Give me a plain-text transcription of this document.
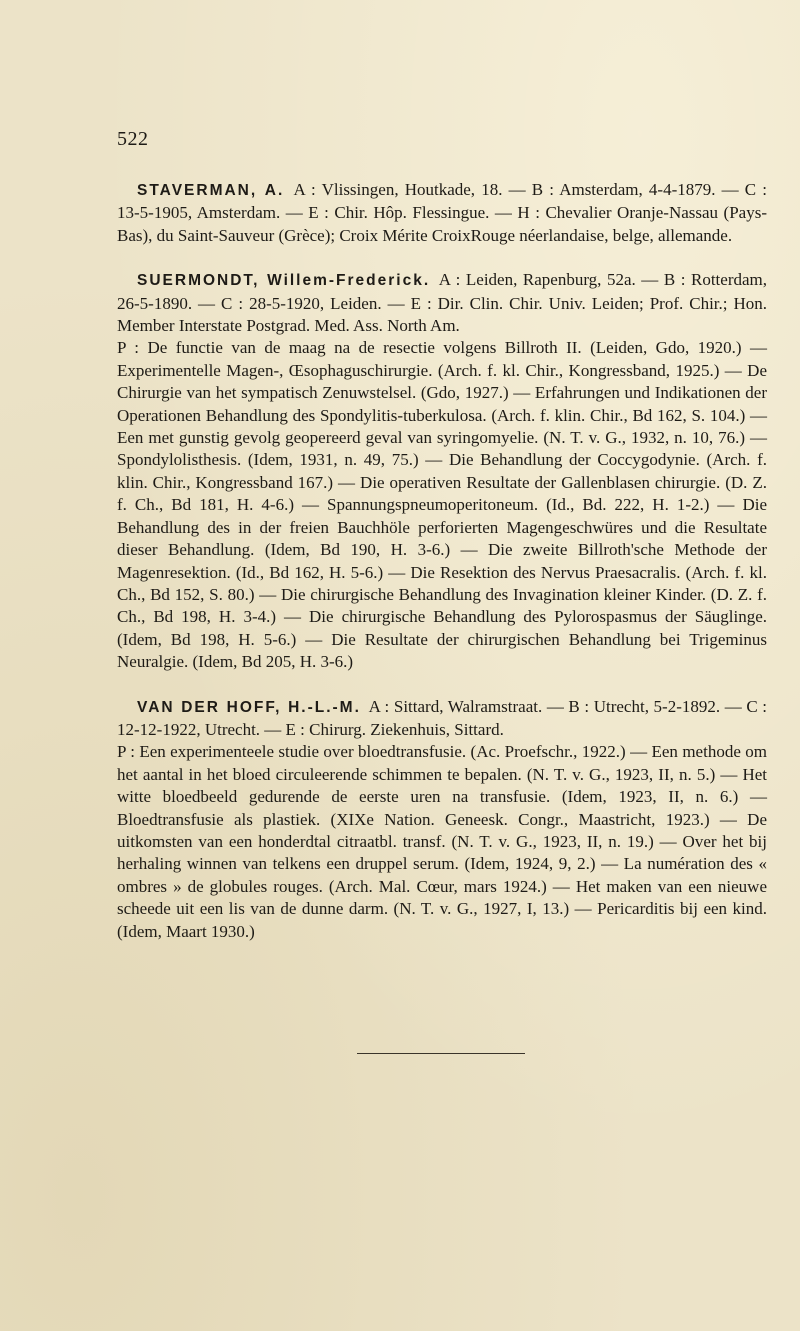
522
STAVERMAN, A. A : Vlissingen, Houtkade, 18. — B : Amsterdam, 4-4-1879. — C : 13-5-1905, Amsterdam. — E : Chir. Hôp. Flessingue. — H : Chevalier Oranje-Nassau (Pays-Bas), du Saint-Sauveur (Grèce); Croix Mérite CroixRouge néerlandaise, belge, allemande.
SUERMONDT, Willem-Frederick. A : Leiden, Rapenburg, 52a. — B : Rotterdam, 26-5-1890. — C : 28-5-1920, Leiden. — E : Dir. Clin. Chir. Univ. Leiden; Prof. Chir.; Hon. Member Interstate Postgrad. Med. Ass. North Am.
P : De functie van de maag na de resectie volgens Billroth II. (Leiden, Gdo, 1920.) — Experimentelle Magen-, Œsophaguschirurgie. (Arch. f. kl. Chir., Kongressband, 1925.) — De Chirurgie van het sympatisch Zenuwstelsel. (Gdo, 1927.) — Erfahrungen und Indikationen der Operationen Behandlung des Spondylitis-tuberkulosa. (Arch. f. klin. Chir., Bd 162, S. 104.) — Een met gunstig gevolg geopereerd geval van syringomyelie. (N. T. v. G., 1932, n. 10, 76.) — Spondylolisthesis. (Idem, 1931, n. 49, 75.) — Die Behandlung der Coccygodynie. (Arch. f. klin. Chir., Kongressband 167.) — Die operativen Resultate der Gallenblasen chirurgie. (D. Z. f. Ch., Bd 181, H. 4-6.) — Spannungspneumoperitoneum. (Id., Bd. 222, H. 1-2.) — Die Behandlung des in der freien Bauchhöle perforierten Magengeschwüres und die Resultate dieser Behandlung. (Idem, Bd 190, H. 3-6.) — Die zweite Billroth'sche Methode der Magenresektion. (Id., Bd 162, H. 5-6.) — Die Resektion des Nervus Praesacralis. (Arch. f. kl. Ch., Bd 152, S. 80.) — Die chirurgische Behandlung des Invagination kleiner Kinder. (D. Z. f. Ch., Bd 198, H. 3-4.) — Die chirurgische Behandlung des Pylorospasmus der Säuglinge. (Idem, Bd 198, H. 5-6.) — Die Resultate der chirurgischen Behandlung bei Trigeminus Neuralgie. (Idem, Bd 205, H. 3-6.)
VAN DER HOFF, H.-L.-M. A : Sittard, Walramstraat. — B : Utrecht, 5-2-1892. — C : 12-12-1922, Utrecht. — E : Chirurg. Ziekenhuis, Sittard.
P : Een experimenteele studie over bloedtransfusie. (Ac. Proefschr., 1922.) — Een methode om het aantal in het bloed circuleerende schimmen te bepalen. (N. T. v. G., 1923, II, n. 5.) — Het witte bloedbeeld gedurende de eerste uren na transfusie. (Idem, 1923, II, n. 6.) — Bloedtransfusie als plastiek. (XIXe Nation. Geneesk. Congr., Maastricht, 1923.) — De uitkomsten van een honderdtal citraatbl. transf. (N. T. v. G., 1923, II, n. 19.) — Over het bij herhaling winnen van telkens een druppel serum. (Idem, 1924, 9, 2.) — La numération des « ombres » de globules rouges. (Arch. Mal. Cœur, mars 1924.) — Het maken van een nieuwe scheede uit een lis van de dunne darm. (N. T. v. G., 1927, I, 13.) — Pericarditis bij een kind. (Idem, Maart 1930.)
